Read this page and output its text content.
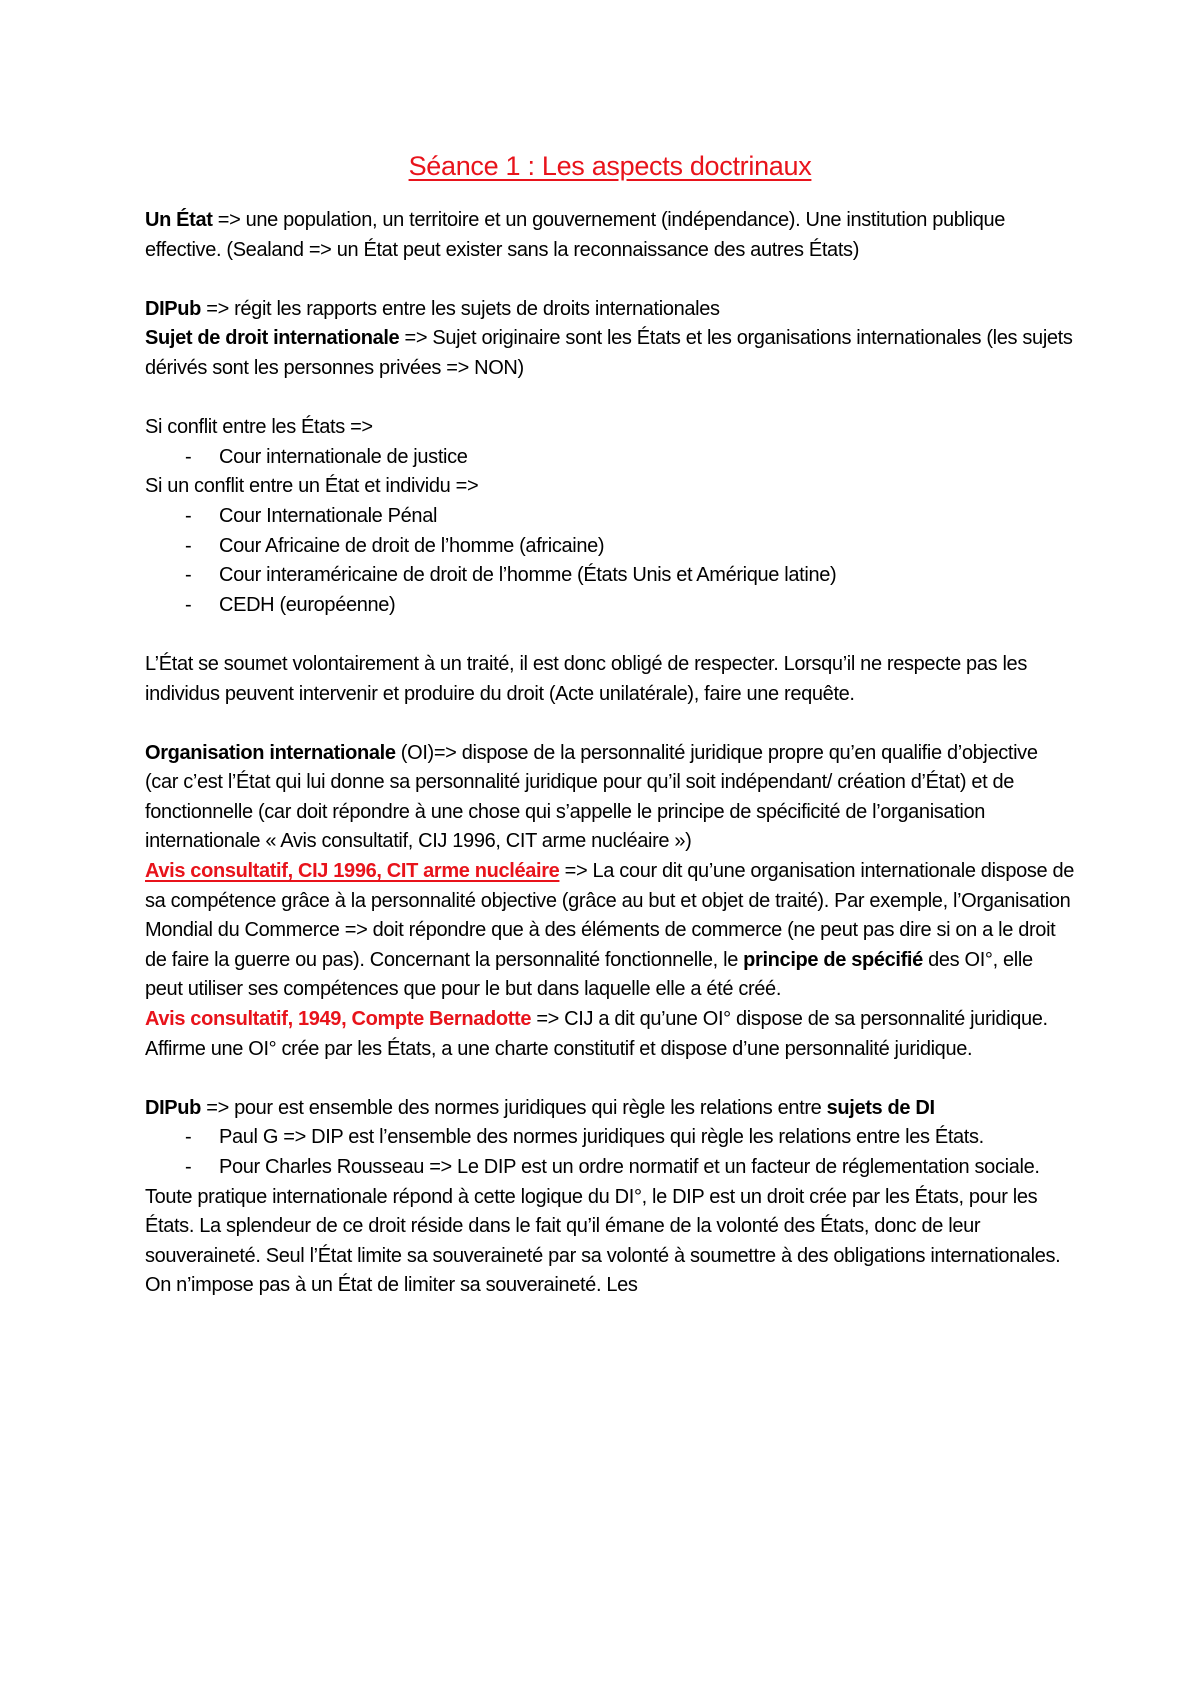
Séance 1 : Les aspects doctrinaux

Un État => une population, un territoire et un gouvernement (indépendance). Une institution publique effective. (Sealand => un État peut exister sans la reconnaissance des autres États)

DIPub => régit les rapports entre les sujets de droits internationales

Sujet de droit internationale => Sujet originaire sont les États et les organisations internationales (les sujets dérivés sont les personnes privées => NON)

Si conflit entre les États =>

- Cour internationale de justice

Si un conflit entre un État et individu =>

- Cour Internationale Pénal
- Cour Africaine de droit de l’homme (africaine)
- Cour interaméricaine de droit de l’homme (États Unis et Amérique latine)
- CEDH (européenne)

L’État se soumet volontairement à un traité, il est donc obligé de respecter. Lorsqu’il ne respecte pas les individus peuvent intervenir et produire du droit (Acte unilatérale), faire une requête.

Organisation internationale (OI)=> dispose de la personnalité juridique propre qu’en qualifie d’objective (car c’est l’État qui lui donne sa personnalité juridique pour qu’il soit indépendant/ création d’État) et de fonctionnelle (car doit répondre à une chose qui s’appelle le principe de spécificité de l’organisation internationale « Avis consultatif, CIJ 1996, CIT arme nucléaire »)

Avis consultatif, CIJ 1996, CIT arme nucléaire => La cour dit qu’une organisation internationale dispose de sa compétence grâce à la personnalité objective (grâce au but et objet de traité). Par exemple, l’Organisation Mondial du Commerce => doit répondre que à des éléments de commerce (ne peut pas dire si on a le droit de faire la guerre ou pas). Concernant la personnalité fonctionnelle, le principe de spécifié des OI°, elle peut utiliser ses compétences que pour le but dans laquelle elle a été créé.

Avis consultatif, 1949, Compte Bernadotte => CIJ a dit qu’une OI° dispose de sa personnalité juridique. Affirme une OI° crée par les États, a une charte constitutif et dispose d’une personnalité juridique.

DIPub => pour est ensemble des normes juridiques qui règle les relations entre sujets de DI

- Paul G => DIP est l’ensemble des normes juridiques qui règle les relations entre les États.
- Pour Charles Rousseau => Le DIP est un ordre normatif et un facteur de réglementation sociale.

Toute pratique internationale répond à cette logique du DI°, le DIP est un droit crée par les États, pour les États. La splendeur de ce droit réside dans le fait qu’il émane de la volonté des États, donc de leur souveraineté. Seul l’État limite sa souveraineté par sa volonté à soumettre à des obligations internationales. On n’impose pas à un État de limiter sa souveraineté. Les
